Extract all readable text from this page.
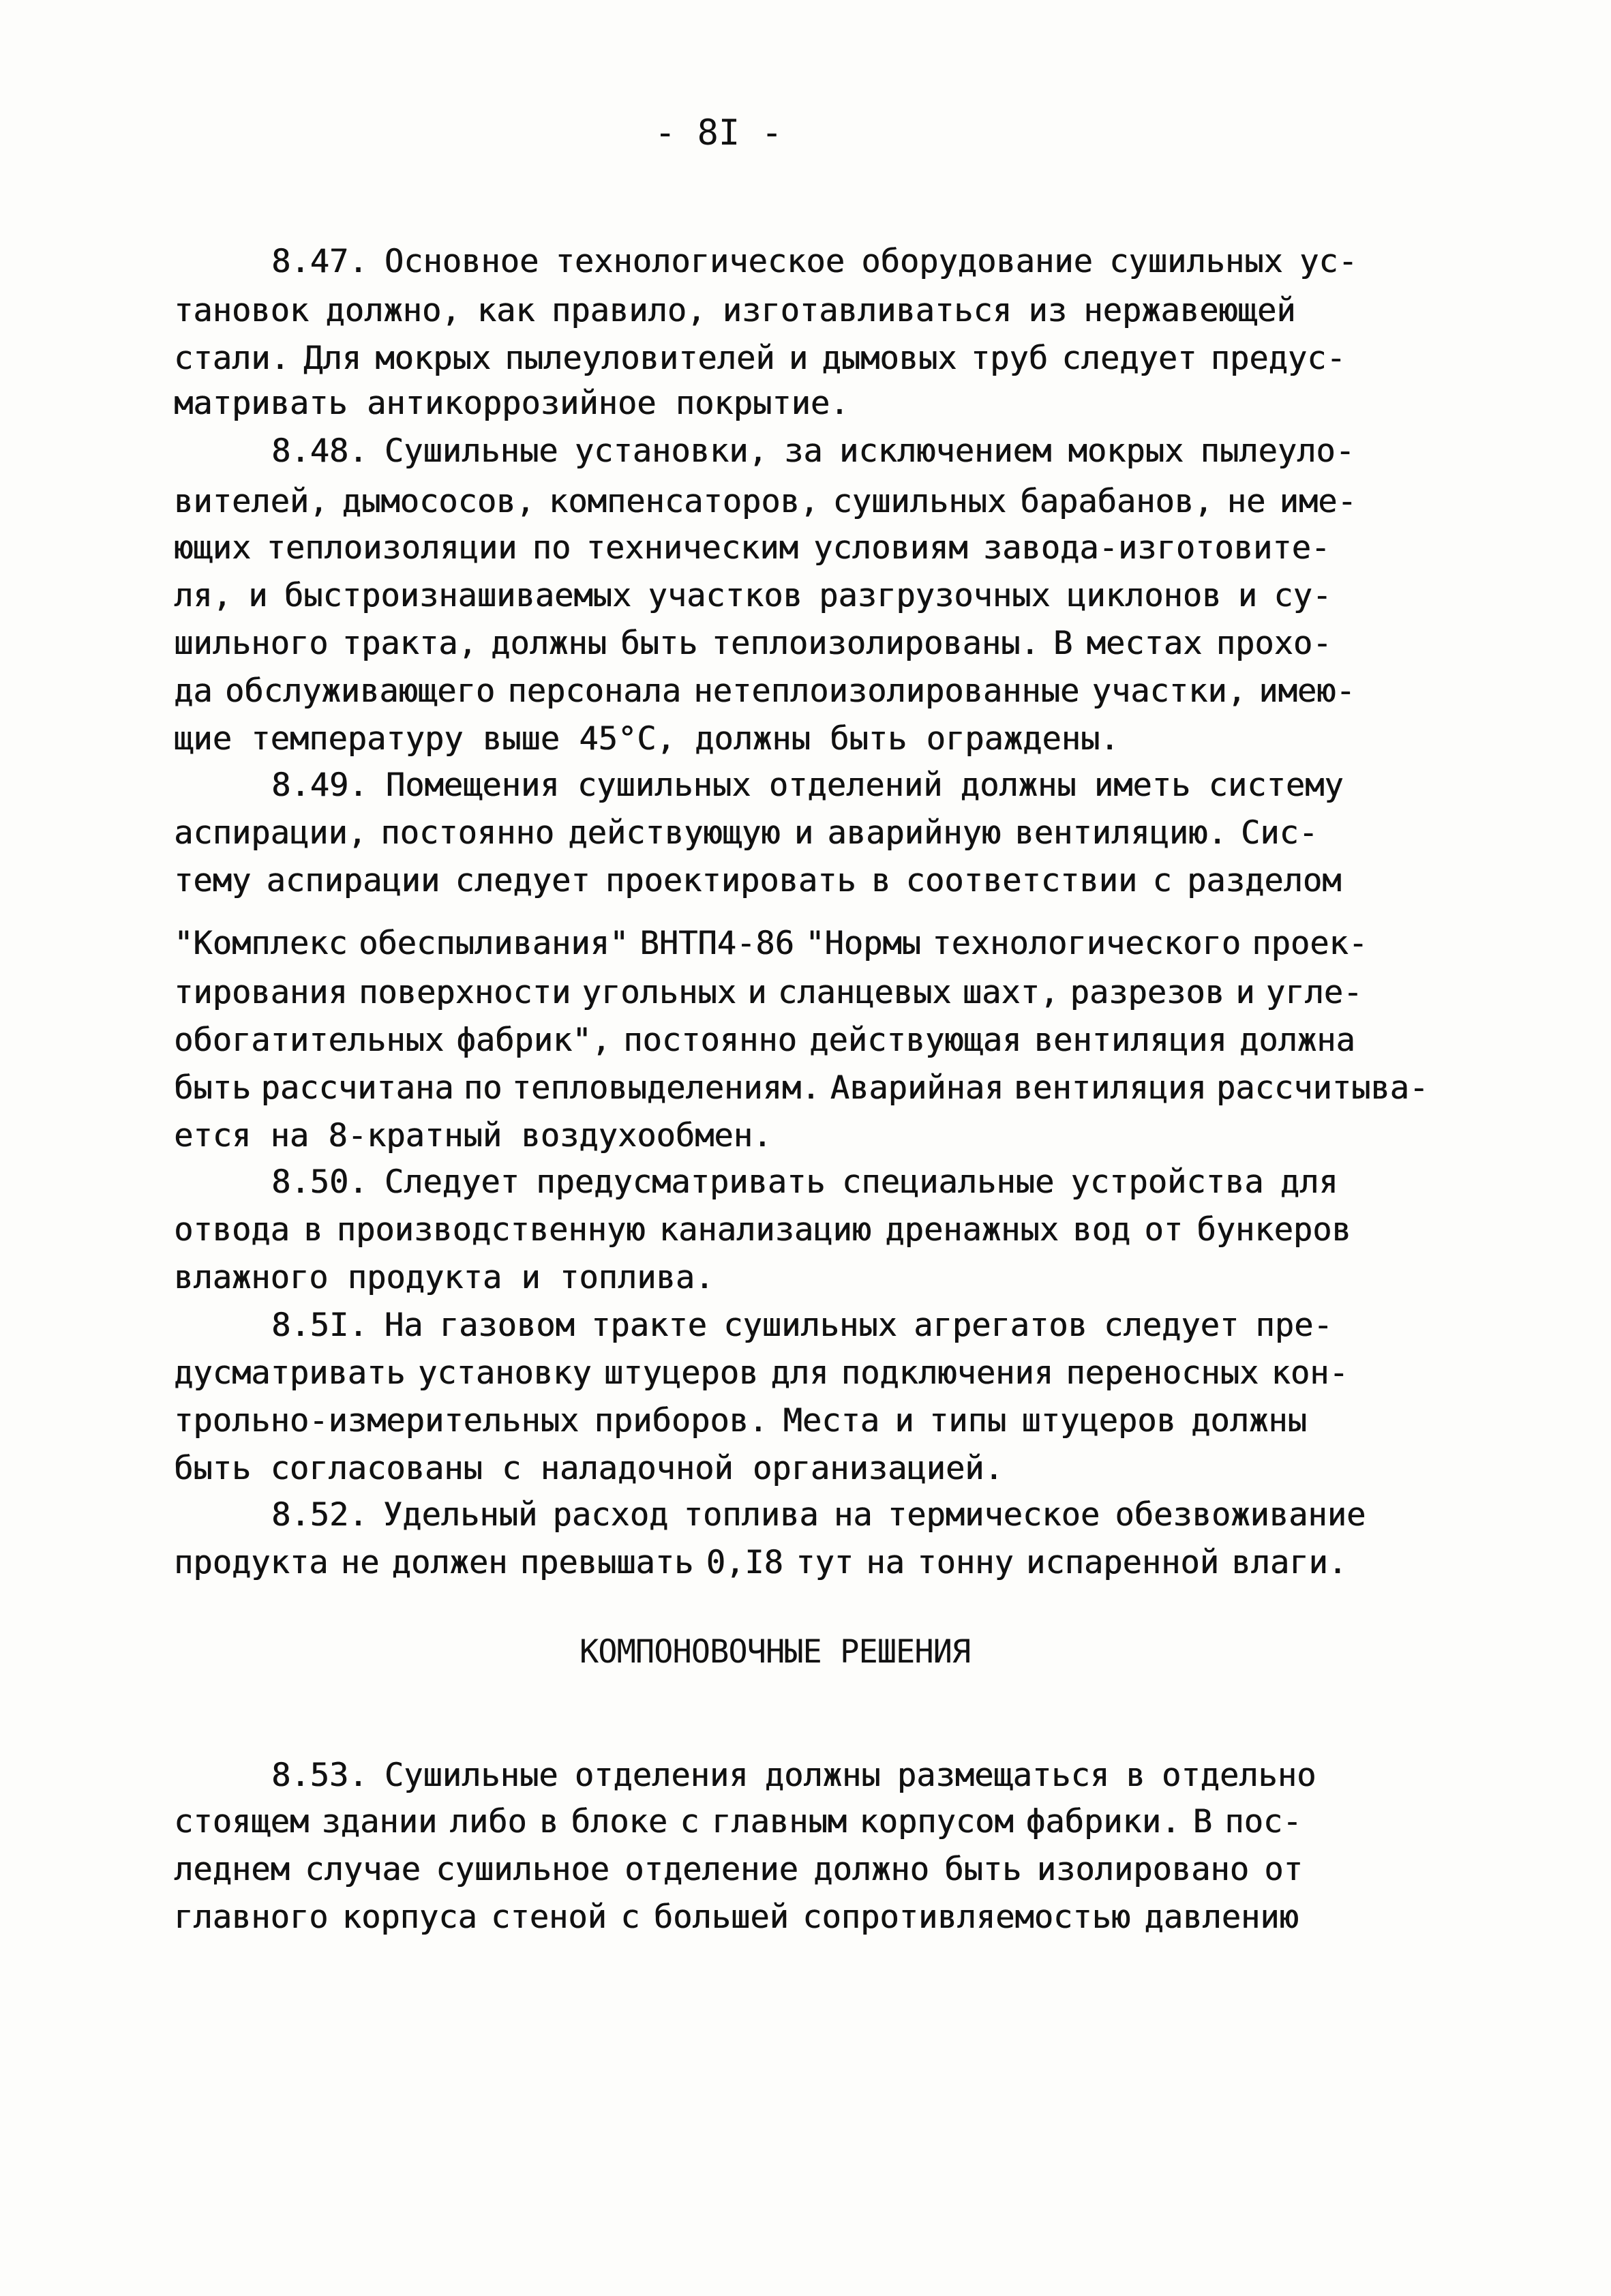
- 8I -
8.47. Основное технологическое оборудование сушильных ус-
тановок должно, как правило, изготавливаться из нержавеющей
стали. Для мокрых пылеуловителей и дымовых труб следует предус-
матривать антикоррозийное покрытие.
8.48. Сушильные установки, за исключением мокрых пылеуло-
вителей, дымососов, компенсаторов, сушильных барабанов, не име-
ющих теплоизоляции по техническим условиям завода-изготовите-
ля, и быстроизнашиваемых участков разгрузочных циклонов и су-
шильного тракта, должны быть теплоизолированы. В местах прохо-
да обслуживающего персонала нетеплоизолированные участки, имею-
щие температуру выше 45°С, должны быть ограждены.
8.49. Помещения сушильных отделений должны иметь систему
аспирации, постоянно действующую и аварийную вентиляцию. Сис-
тему аспирации следует проектировать в соответствии с разделом
"Комплекс обеспыливания" ВНТП4-86 "Нормы технологического проек-
тирования поверхности угольных и сланцевых шахт, разрезов и угле-
обогатительных фабрик", постоянно действующая вентиляция должна
быть рассчитана по тепловыделениям. Аварийная вентиляция рассчитыва-
ется на 8-кратный воздухообмен.
8.50. Следует предусматривать специальные устройства для
отвода в производственную канализацию дренажных вод от бункеров
влажного продукта и топлива.
8.5I. На газовом тракте сушильных агрегатов следует пре-
дусматривать установку штуцеров для подключения переносных кон-
трольно-измерительных приборов. Места и типы штуцеров должны
быть согласованы с наладочной организацией.
8.52. Удельный расход топлива на термическое обезвоживание
продукта не должен превышать 0,I8 тут на тонну испаренной влаги.
КОМПОНОВОЧНЫЕ РЕШЕНИЯ
8.53. Сушильные отделения должны размещаться в отдельно
стоящем здании либо в блоке с главным корпусом фабрики. В пос-
леднем случае сушильное отделение должно быть изолировано от
главного корпуса стеной с большей сопротивляемостью давлению
